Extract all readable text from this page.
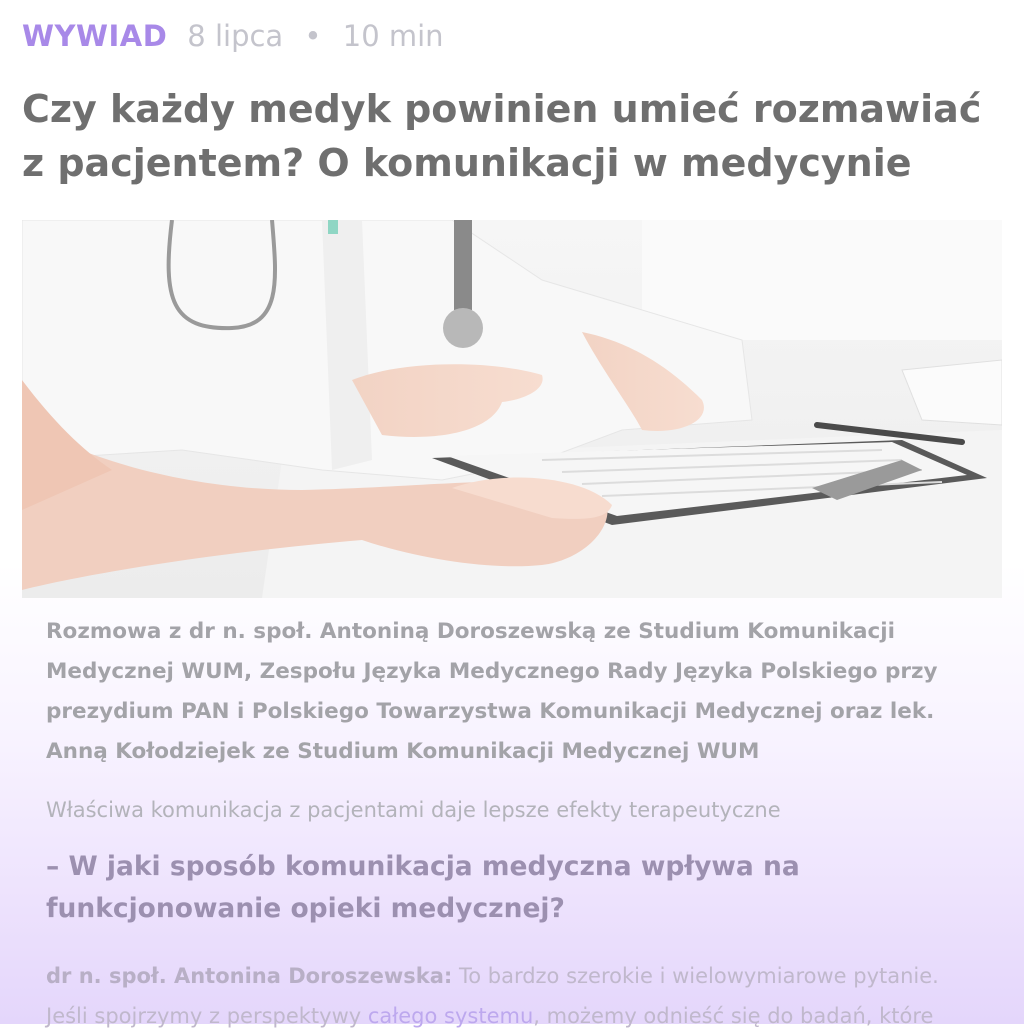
WYWIAD 8 lipca • 10 min
Czy każdy medyk powinien umieć rozmawiać z pacjentem? O komunikacji w medycynie

Rozmowa z dr n. społ. Antoniną Doroszewską ze Studium Komunikacji Medycznej WUM, Zespołu Języka Medycznego Rady Języka Polskiego przy prezydium PAN i Polskiego Towarzystwa Komunikacji Medycznej oraz lek. Anną Kołodziejek ze Studium Komunikacji Medycznej WUM

Właściwa komunikacja z pacjentami daje lepsze efekty terapeutyczne

– W jaki sposób komunikacja medyczna wpływa na funkcjonowanie opieki medycznej?

dr n. społ. Antonina Doroszewska: To bardzo szerokie i wielowymiarowe pytanie. Jeśli spojrzymy z perspektywy całego systemu, możemy odnieść się do badań, które
